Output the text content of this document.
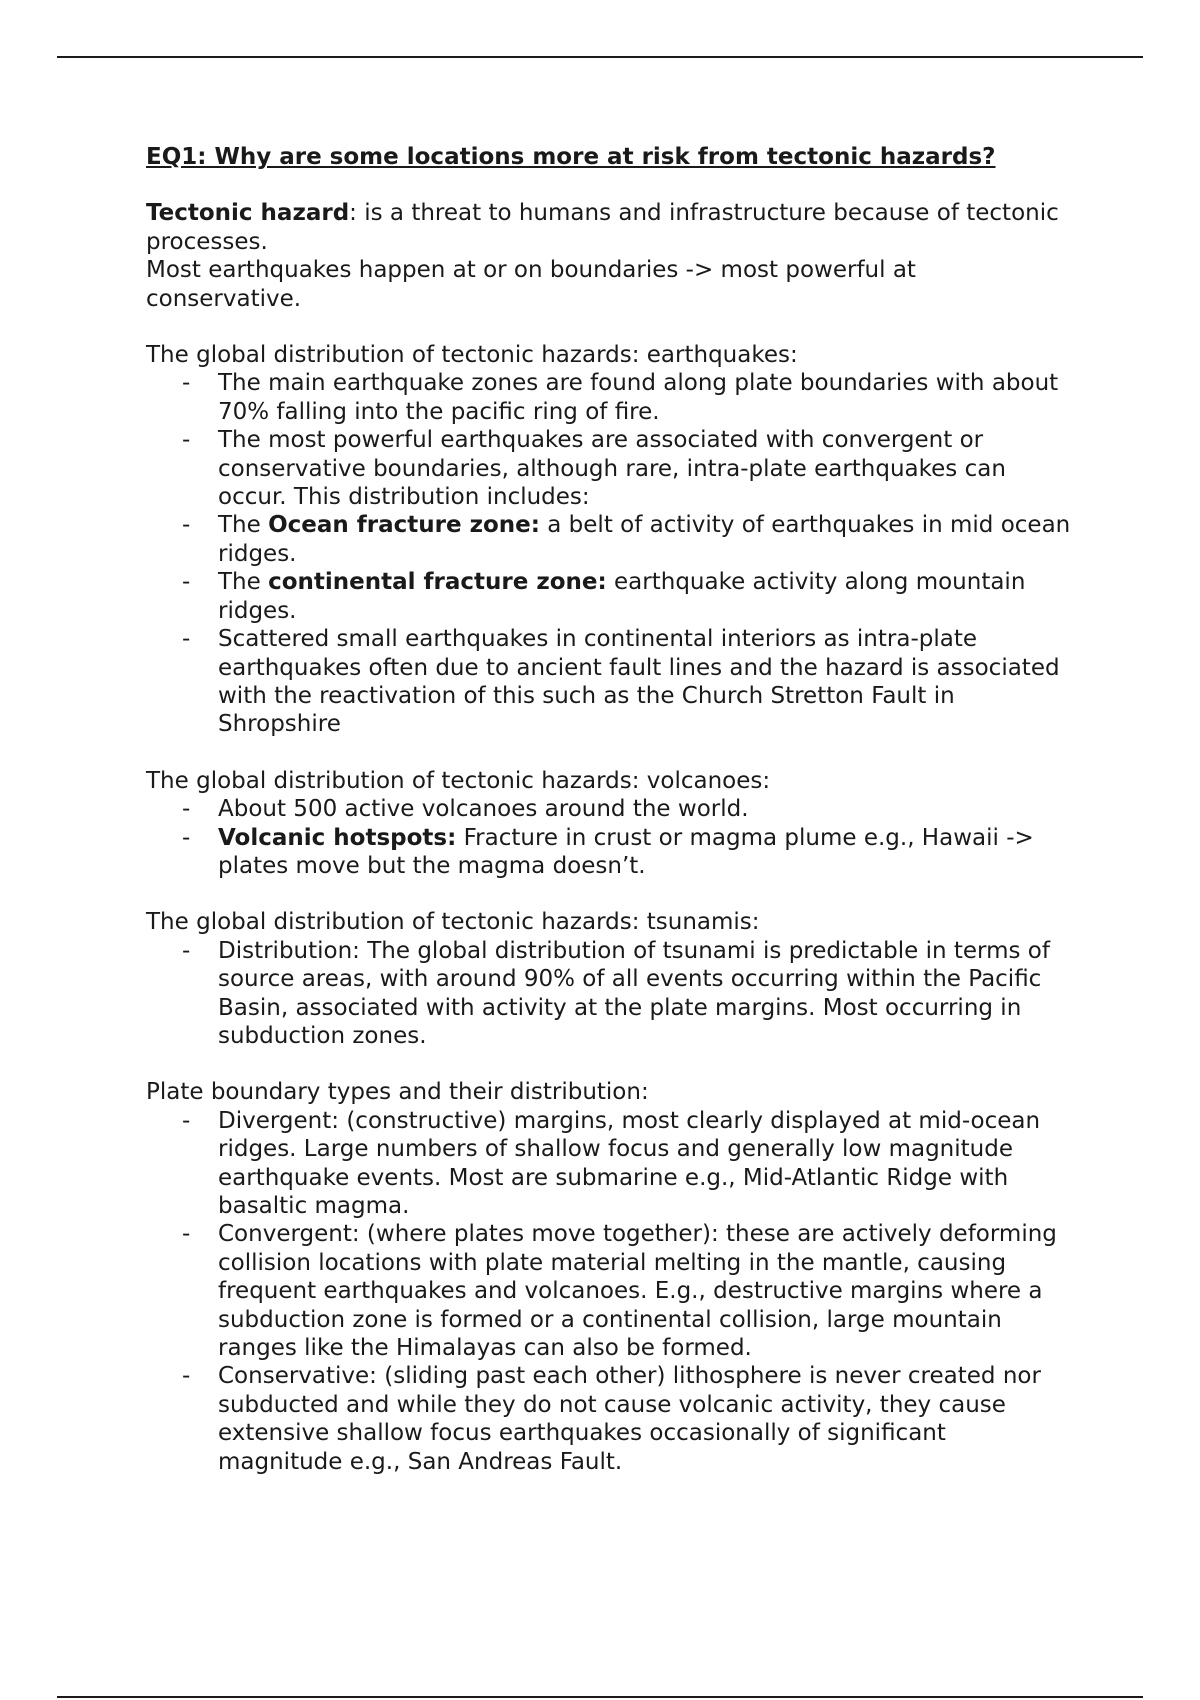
EQ1: Why are some locations more at risk from tectonic hazards?

Tectonic hazard: is a threat to humans and infrastructure because of tectonic processes.

Most earthquakes happen at or on boundaries -> most powerful at conservative.

The global distribution of tectonic hazards: earthquakes:

- The main earthquake zones are found along plate boundaries with about 70% falling into the pacific ring of fire.
- The most powerful earthquakes are associated with convergent or conservative boundaries, although rare, intra-plate earthquakes can occur. This distribution includes:
- The Ocean fracture zone: a belt of activity of earthquakes in mid ocean ridges.
- The continental fracture zone: earthquake activity along mountain ridges.
- Scattered small earthquakes in continental interiors as intra-plate earthquakes often due to ancient fault lines and the hazard is associated with the reactivation of this such as the Church Stretton Fault in Shropshire

The global distribution of tectonic hazards: volcanoes:

- About 500 active volcanoes around the world.
- Volcanic hotspots: Fracture in crust or magma plume e.g., Hawaii -> plates move but the magma doesn’t.

The global distribution of tectonic hazards: tsunamis:

- Distribution: The global distribution of tsunami is predictable in terms of source areas, with around 90% of all events occurring within the Pacific Basin, associated with activity at the plate margins. Most occurring in subduction zones.

Plate boundary types and their distribution:

- Divergent: (constructive) margins, most clearly displayed at mid-ocean ridges. Large numbers of shallow focus and generally low magnitude earthquake events. Most are submarine e.g., Mid-Atlantic Ridge with basaltic magma.
- Convergent: (where plates move together): these are actively deforming collision locations with plate material melting in the mantle, causing frequent earthquakes and volcanoes. E.g., destructive margins where a subduction zone is formed or a continental collision, large mountain ranges like the Himalayas can also be formed.
- Conservative: (sliding past each other) lithosphere is never created nor subducted and while they do not cause volcanic activity, they cause extensive shallow focus earthquakes occasionally of significant magnitude e.g., San Andreas Fault.
